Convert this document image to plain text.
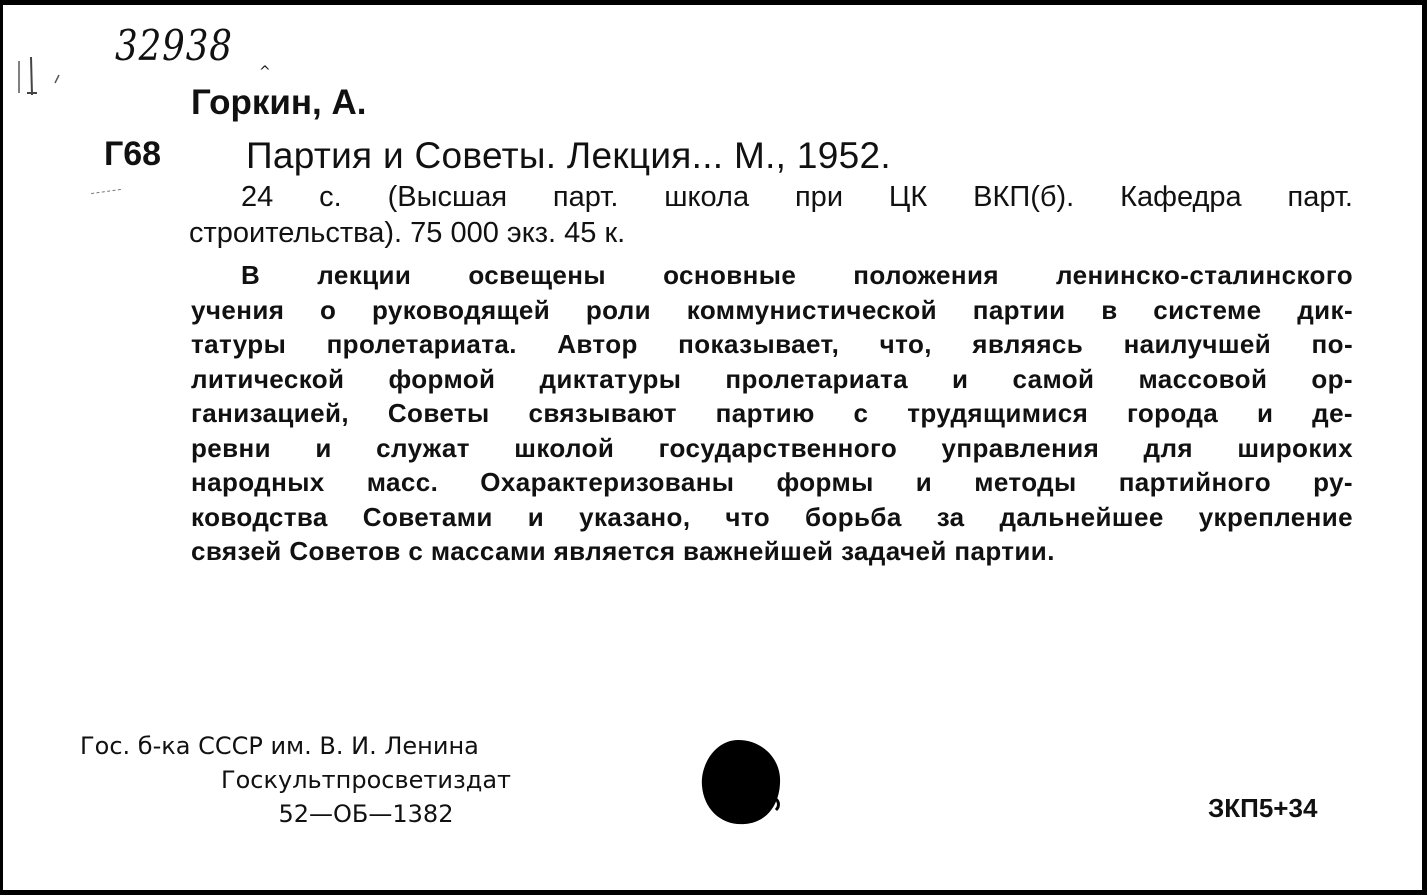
32938
^
Горкин, А.
Г68 Партия и Советы. Лекция... М., 1952.
24 с. (Высшая парт. школа при ЦК ВКП(б). Кафедра парт.
строительства). 75 000 экз. 45 к.
В лекции освещены основные положения ленинско-сталинского
учения о руководящей роли коммунистической партии в системе дик-
татуры пролетариата. Автор показывает, что, являясь наилучшей по-
литической формой диктатуры пролетариата и самой массовой ор-
ганизацией, Советы связывают партию с трудящимися города и де-
ревни и служат школой государственного управления для широких
народных масс. Охарактеризованы формы и методы партийного ру-
ководства Советами и указано, что борьба за дальнейшее укрепление
связей Советов с массами является важнейшей задачей партии.
Гос. б-ка СССР им. В. И. Ленина
Госкультпросветиздат
52—ОБ—1382	ЗКП5+34
